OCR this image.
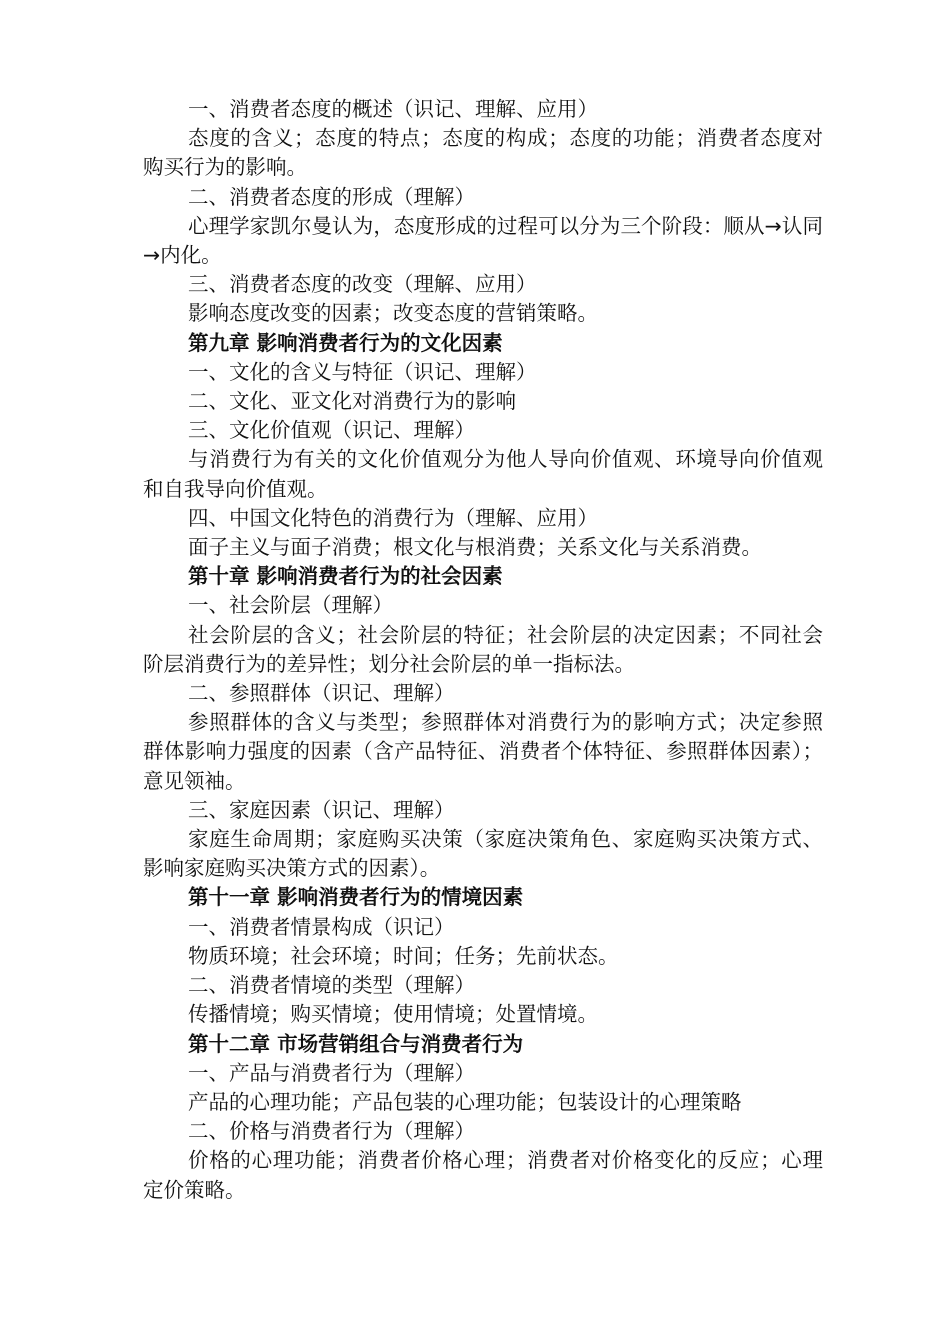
一、消费者态度的概述（识记、理解、应用）

态度的含义；态度的特点；态度的构成；态度的功能；消费者态度对购买行为的影响。

二、消费者态度的形成（理解）

心理学家凯尔曼认为，态度形成的过程可以分为三个阶段：顺从→认同→内化。

三、消费者态度的改变（理解、应用）

影响态度改变的因素；改变态度的营销策略。

第九章 影响消费者行为的文化因素

一、文化的含义与特征（识记、理解）

二、文化、亚文化对消费行为的影响

三、文化价值观（识记、理解）

与消费行为有关的文化价值观分为他人导向价值观、环境导向价值观和自我导向价值观。

四、中国文化特色的消费行为（理解、应用）

面子主义与面子消费；根文化与根消费；关系文化与关系消费。

第十章 影响消费者行为的社会因素

一、社会阶层（理解）

社会阶层的含义；社会阶层的特征；社会阶层的决定因素；不同社会阶层消费行为的差异性；划分社会阶层的单一指标法。

二、参照群体（识记、理解）

参照群体的含义与类型；参照群体对消费行为的影响方式；决定参照群体影响力强度的因素（含产品特征、消费者个体特征、参照群体因素）；意见领袖。

三、家庭因素（识记、理解）

家庭生命周期；家庭购买决策（家庭决策角色、家庭购买决策方式、影响家庭购买决策方式的因素）。

第十一章 影响消费者行为的情境因素

一、消费者情景构成（识记）

物质环境；社会环境；时间；任务；先前状态。

二、消费者情境的类型（理解）

传播情境；购买情境；使用情境；处置情境。

第十二章 市场营销组合与消费者行为

一、产品与消费者行为（理解）

产品的心理功能；产品包装的心理功能；包装设计的心理策略

二、价格与消费者行为（理解）

价格的心理功能；消费者价格心理；消费者对价格变化的反应；心理定价策略。
